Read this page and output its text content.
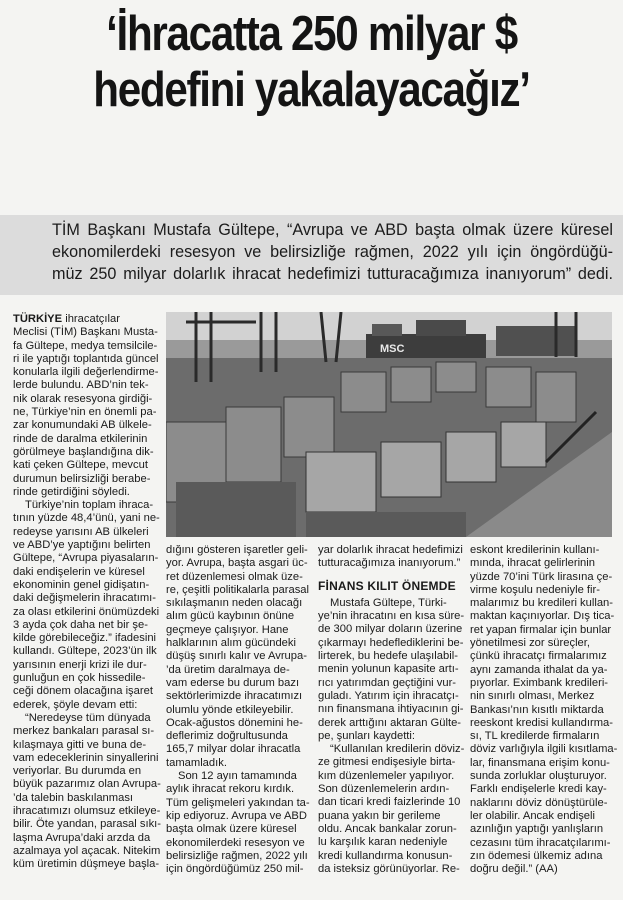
‘İhracatta 250 milyar $
hedefini yakalayacağız’
TİM Başkanı Mustafa Gültepe, “Avrupa ve ABD başta olmak üzere küresel
ekonomilerdeki resesyon ve belirsizliğe rağmen, 2022 yılı için öngördüğü-
müz 250 milyar dolarlık ihracat hedefimizi tutturacağımıza inanıyorum” dedi.
MSC
TÜRKİYE ihracatçılar
Meclisi (TİM) Başkanı Musta-
fa Gültepe, medya temsilcile-
ri ile yaptığı toplantıda güncel
konularla ilgili değerlendirme-
lerde bulundu. ABD’nin tek-
nik olarak resesyona girdiği-
ne, Türkiye’nin en önemli pa-
zar konumundaki AB ülkele-
rinde de daralma etkilerinin
görülmeye başlandığına dik-
kati çeken Gültepe, mevcut
durumun belirsizliği berabe-
rinde getirdiğini söyledi.
Türkiye’nin toplam ihraca-
tının yüzde 48,4’ünü, yani ne-
redeyse yarısını AB ülkeleri
ve ABD’ye yaptığını belirten
Gültepe, “Avrupa piyasaların-
daki endişelerin ve küresel
ekonominin genel gidişatın-
daki değişmelerin ihracatımı-
za olası etkilerini önümüzdeki
3 ayda çok daha net bir şe-
kilde görebileceğiz.” ifadesini
kullandı. Gültepe, 2023’ün ilk
yarısının enerji krizi ile dur-
gunluğun en çok hissedile-
ceği dönem olacağına işaret
ederek, şöyle devam etti:
“Neredeyse tüm dünyada
merkez bankaları parasal sı-
kılaşmaya gitti ve buna de-
vam edeceklerinin sinyallerini
veriyorlar. Bu durumda en
büyük pazarımız olan Avrupa-
’da talebin baskılanması
ihracatımızı olumsuz etkileye-
bilir. Öte yandan, parasal sıkı-
laşma Avrupa’daki arzda da
azalmaya yol açacak. Nitekim
küm üretimin düşmeye başla-
dığını gösteren işaretler geli-
yor. Avrupa, başta asgari üc-
ret düzenlemesi olmak üze-
re, çeşitli politikalarla parasal
sıkılaşmanın neden olacağı
alım gücü kaybının önüne
geçmeye çalışıyor. Hane
halklarının alım gücündeki
düşüş sınırlı kalır ve Avrupa-
’da üretim daralmaya de-
vam ederse bu durum bazı
sektörlerimizde ihracatımızı
olumlu yönde etkileyebilir.
Ocak-ağustos dönemini he-
deflerimiz doğrultusunda
165,7 milyar dolar ihracatla
tamamladık.
Son 12 ayın tamamında
aylık ihracat rekoru kırdık.
Tüm gelişmeleri yakından ta-
kip ediyoruz. Avrupa ve ABD
başta olmak üzere küresel
ekonomilerdeki resesyon ve
belirsizliğe rağmen, 2022 yılı
için öngördüğümüz 250 mil-
yar dolarlık ihracat hedefimizi
tutturacağımıza inanıyorum.”
FİNANS KILIT ÖNEMDE
Mustafa Gültepe, Türki-
ye’nin ihracatını en kısa süre-
de 300 milyar doların üzerine
çıkarmayı hedeflediklerini be-
lirterek, bu hedefe ulaşılabil-
menin yolunun kapasite artı-
rıcı yatırımdan geçtiğini vur-
guladı. Yatırım için ihracatçı-
nın finansmana ihtiyacının gi-
derek arttığını aktaran Gülte-
pe, şunları kaydetti:
“Kullanılan kredilerin döviz-
ze gitmesi endişesiyle birta-
kım düzenlemeler yapılıyor.
Son düzenlemelerin ardın-
dan ticari kredi faizlerinde 10
puana yakın bir gerileme
oldu. Ancak bankalar zorun-
lu karşılık karan nedeniyle
kredi kullandırma konusun-
da isteksiz görünüyorlar. Re-
eskont kredilerinin kullanı-
mında, ihracat gelirlerinin
yüzde 70’ini Türk lirasına çe-
virme koşulu nedeniyle fir-
malarımız bu kredileri kullan-
maktan kaçınıyorlar. Dış tica-
ret yapan firmalar için bunlar
yönetilmesi zor süreçler,
çünkü ihracatçı firmalarımız
aynı zamanda ithalat da ya-
pıyorlar. Eximbank kredileri-
nin sınırlı olması, Merkez
Bankası’nın kısıtlı miktarda
reeskont kredisi kullandırma-
sı, TL kredilerde firmaların
döviz varlığıyla ilgili kısıtlama-
lar, finansmana erişim konu-
sunda zorluklar oluşturuyor.
Farklı endişelerle kredi kay-
naklarını döviz dönüştürüle-
ler olabilir. Ancak endişeli
azınlığın yaptığı yanlışların
cezasını tüm ihracatçılarımı-
zın ödemesi ülkemiz adına
doğru değil.” (AA)
